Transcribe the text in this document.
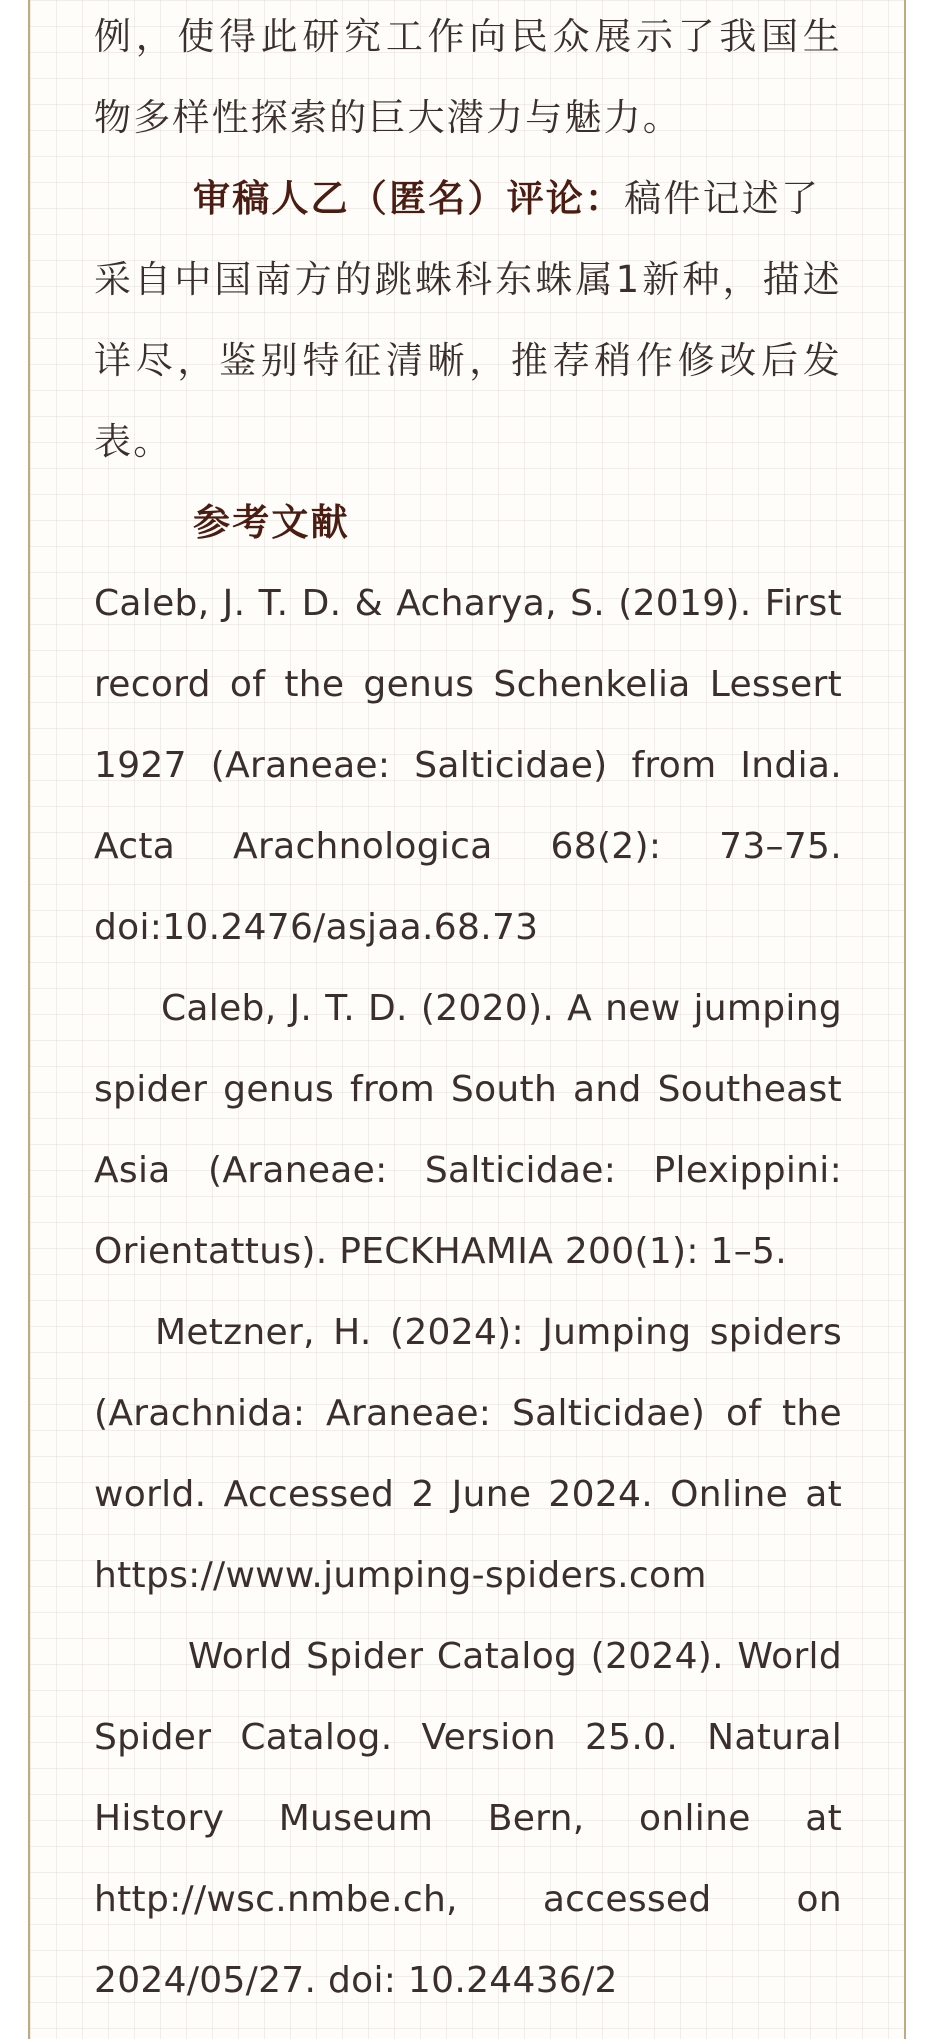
例，使得此研究工作向民众展示了我国生
物多样性探索的巨大潜力与魅力。
审稿人乙（匿名）评论：稿件记述了
采自中国南方的跳蛛科东蛛属1新种，描述
详尽，鉴别特征清晰，推荐稍作修改后发
表。
参考文献
Caleb, J. T. D. & Acharya, S. (2019). First
record of the genus Schenkelia Lessert
1927 (Araneae: Salticidae) from India.
Acta Arachnologica 68(2): 73–75.
doi:10.2476/asjaa.68.73
Caleb, J. T. D. (2020). A new jumping
spider genus from South and Southeast
Asia (Araneae: Salticidae: Plexippini:
Orientattus). PECKHAMIA 200(1): 1–5.
Metzner, H. (2024): Jumping spiders
(Arachnida: Araneae: Salticidae) of the
world. Accessed 2 June 2024. Online at
https://www.jumping-spiders.com
World Spider Catalog (2024). World
Spider Catalog. Version 25.0. Natural
History Museum Bern, online at
http://wsc.nmbe.ch, accessed on
2024/05/27. doi: 10.24436/2
